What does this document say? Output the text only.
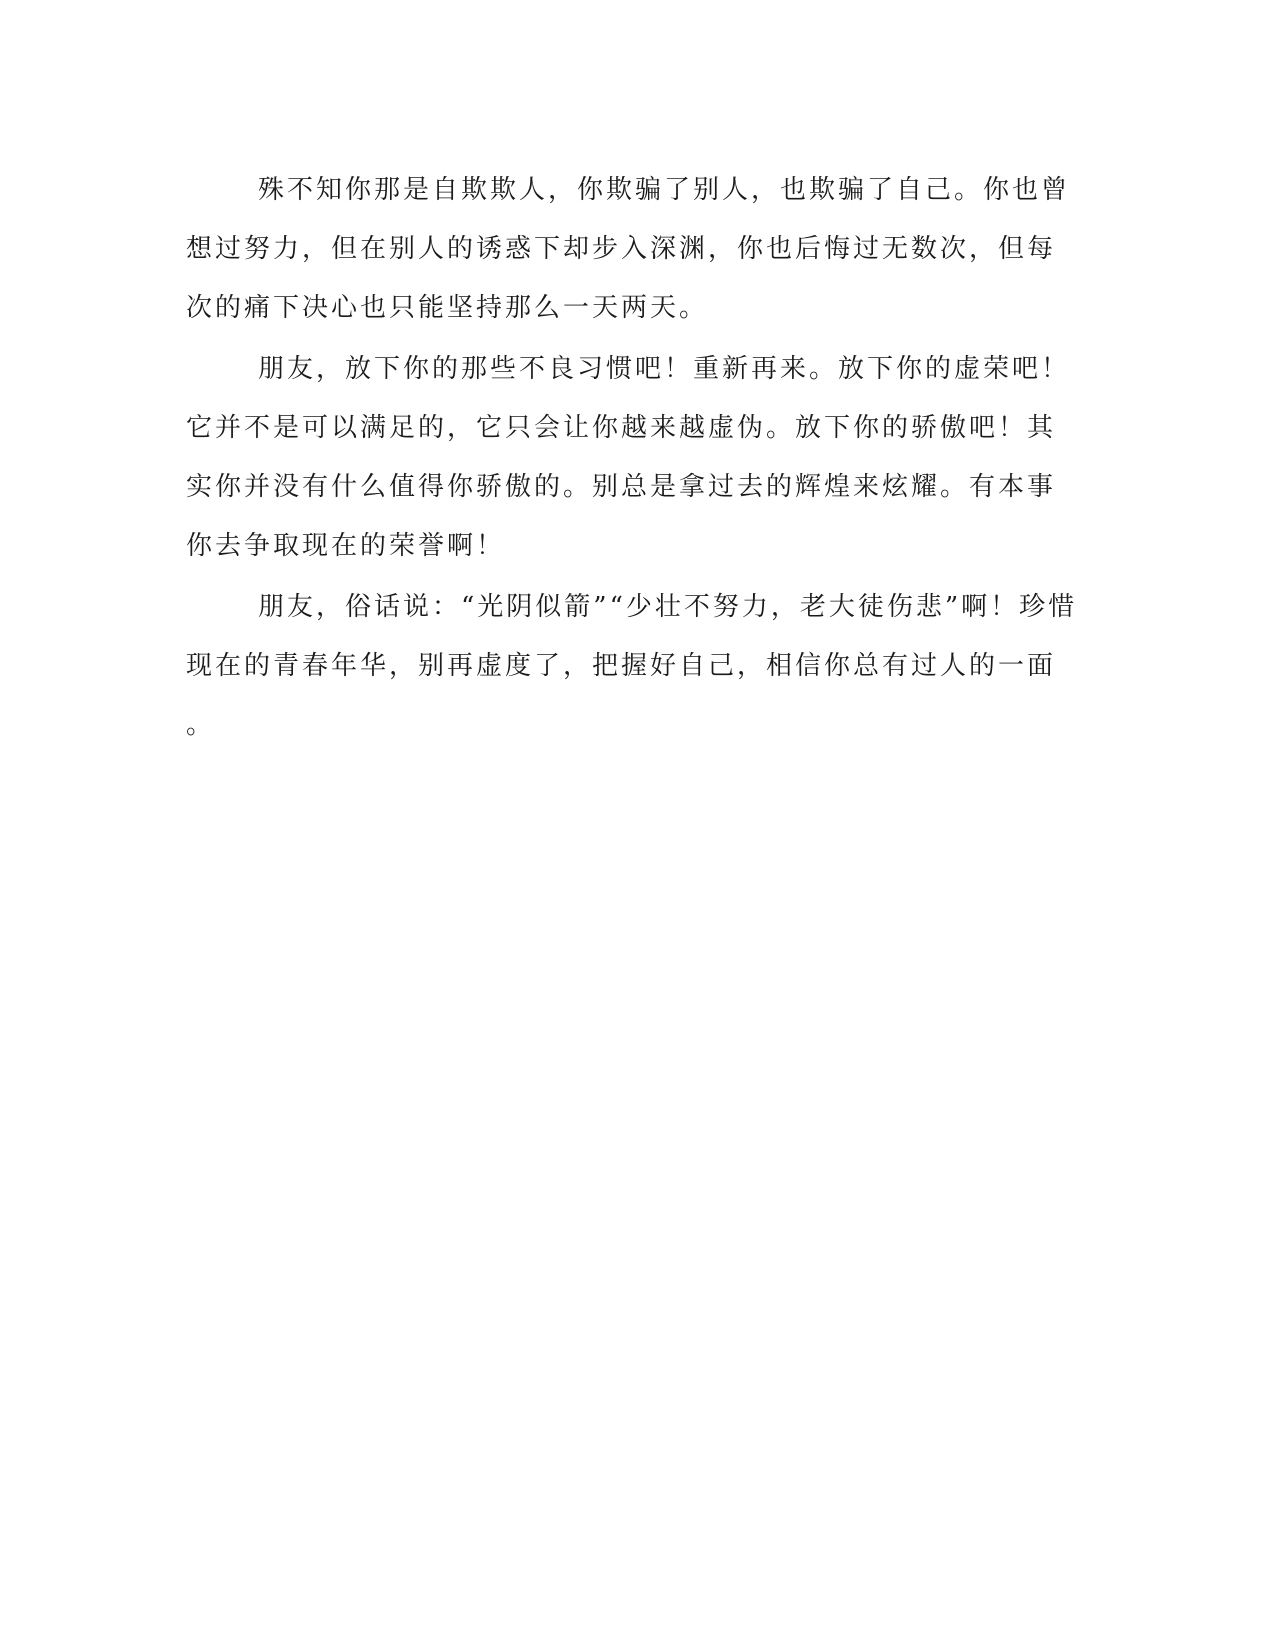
殊不知你那是自欺欺人，你欺骗了别人，也欺骗了自己。你也曾
想过努力，但在别人的诱惑下却步入深渊，你也后悔过无数次，但每
次的痛下决心也只能坚持那么一天两天。
朋友，放下你的那些不良习惯吧！重新再来。放下你的虚荣吧！
它并不是可以满足的，它只会让你越来越虚伪。放下你的骄傲吧！其
实你并没有什么值得你骄傲的。别总是拿过去的辉煌来炫耀。有本事
你去争取现在的荣誉啊！
朋友，俗话说：“光阴似箭”“少壮不努力，老大徒伤悲”啊！珍惜
现在的青春年华，别再虚度了，把握好自己，相信你总有过人的一面
。
